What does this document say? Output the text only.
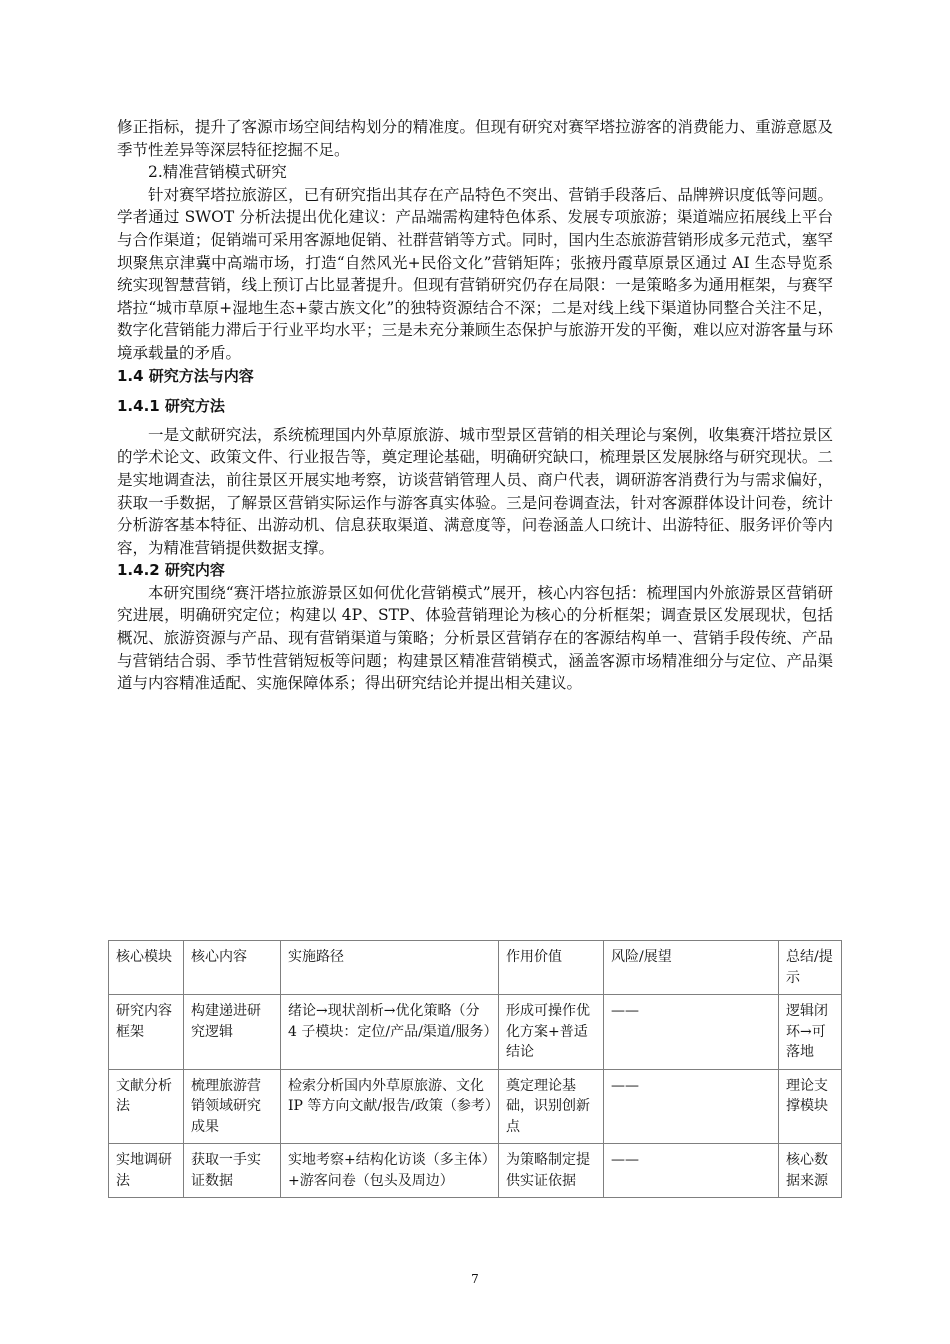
修正指标，提升了客源市场空间结构划分的精准度。但现有研究对赛罕塔拉游客的消费能力、重游意愿及季节性差异等深层特征挖掘不足。

2.精准营销模式研究

针对赛罕塔拉旅游区，已有研究指出其存在产品特色不突出、营销手段落后、品牌辨识度低等问题。学者通过 SWOT 分析法提出优化建议：产品端需构建特色体系、发展专项旅游；渠道端应拓展线上平台与合作渠道；促销端可采用客源地促销、社群营销等方式。同时，国内生态旅游营销形成多元范式，塞罕坝聚焦京津冀中高端市场，打造“自然风光+民俗文化”营销矩阵；张掖丹霞草原景区通过 AI 生态导览系统实现智慧营销，线上预订占比显著提升。但现有营销研究仍存在局限：一是策略多为通用框架，与赛罕塔拉“城市草原+湿地生态+蒙古族文化”的独特资源结合不深；二是对线上线下渠道协同整合关注不足，数字化营销能力滞后于行业平均水平；三是未充分兼顾生态保护与旅游开发的平衡，难以应对游客量与环境承载量的矛盾。

1.4 研究方法与内容

1.4.1 研究方法

一是文献研究法，系统梳理国内外草原旅游、城市型景区营销的相关理论与案例，收集赛汗塔拉景区的学术论文、政策文件、行业报告等，奠定理论基础，明确研究缺口，梳理景区发展脉络与研究现状。二是实地调查法，前往景区开展实地考察，访谈营销管理人员、商户代表，调研游客消费行为与需求偏好，获取一手数据，了解景区营销实际运作与游客真实体验。三是问卷调查法，针对客源群体设计问卷，统计分析游客基本特征、出游动机、信息获取渠道、满意度等，问卷涵盖人口统计、出游特征、服务评价等内容，为精准营销提供数据支撑。

1.4.2 研究内容

本研究围绕“赛汗塔拉旅游景区如何优化营销模式”展开，核心内容包括：梳理国内外旅游景区营销研究进展，明确研究定位；构建以 4P、STP、体验营销理论为核心的分析框架；调查景区发展现状，包括概况、旅游资源与产品、现有营销渠道与策略；分析景区营销存在的客源结构单一、营销手段传统、产品与营销结合弱、季节性营销短板等问题；构建景区精准营销模式，涵盖客源市场精准细分与定位、产品渠道与内容精准适配、实施保障体系；得出研究结论并提出相关建议。

核心模块	核心内容	实施路径	作用价值	风险/展望	总结/提示
研究内容框架	构建递进研究逻辑	绪论→现状剖析→优化策略（分 4 子模块：定位/产品/渠道/服务）	形成可操作优化方案+普适结论	——	逻辑闭环→可落地
文献分析法	梳理旅游营销领域研究成果	检索分析国内外草原旅游、文化 IP 等方向文献/报告/政策（参考）	奠定理论基础，识别创新点	——	理论支撑模块
实地调研法	获取一手实证数据	实地考察+结构化访谈（多主体）+游客问卷（包头及周边）	为策略制定提供实证依据	——	核心数据来源
7
